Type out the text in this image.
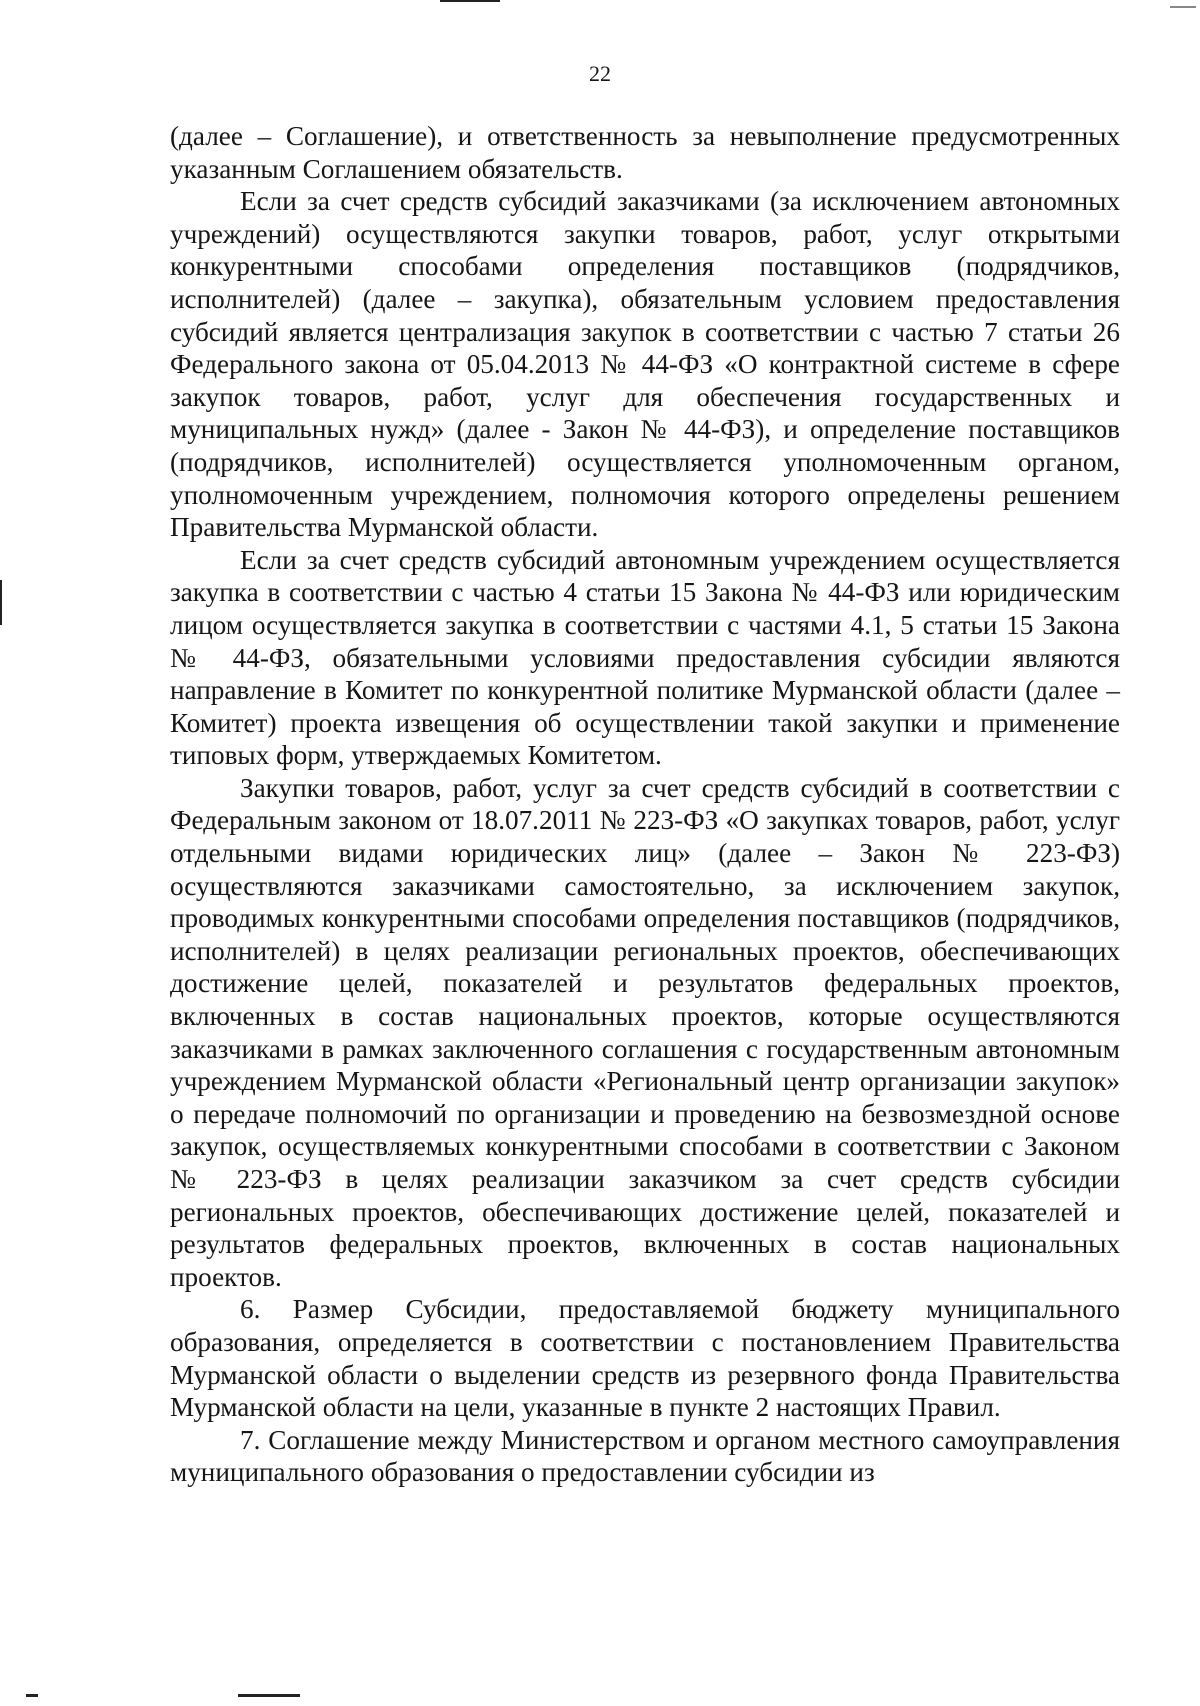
22

(далее – Соглашение), и ответственность за невыполнение предусмотренных указанным Соглашением обязательств.

Если за счет средств субсидий заказчиками (за исключением автономных учреждений) осуществляются закупки товаров, работ, услуг открытыми конкурентными способами определения поставщиков (подрядчиков, исполнителей) (далее – закупка), обязательным условием предоставления субсидий является централизация закупок в соответствии с частью 7 статьи 26 Федерального закона от 05.04.2013 № 44-ФЗ «О контрактной системе в сфере закупок товаров, работ, услуг для обеспечения государственных и муниципальных нужд» (далее - Закон № 44-ФЗ), и определение поставщиков (подрядчиков, исполнителей) осуществляется уполномоченным органом, уполномоченным учреждением, полномочия которого определены решением Правительства Мурманской области.

Если за счет средств субсидий автономным учреждением осуществляется закупка в соответствии с частью 4 статьи 15 Закона № 44-ФЗ или юридическим лицом осуществляется закупка в соответствии с частями 4.1, 5 статьи 15 Закона № 44-ФЗ, обязательными условиями предоставления субсидии являются направление в Комитет по конкурентной политике Мурманской области (далее – Комитет) проекта извещения об осуществлении такой закупки и применение типовых форм, утверждаемых Комитетом.

Закупки товаров, работ, услуг за счет средств субсидий в соответствии с Федеральным законом от 18.07.2011 № 223-ФЗ «О закупках товаров, работ, услуг отдельными видами юридических лиц» (далее – Закон № 223-ФЗ) осуществляются заказчиками самостоятельно, за исключением закупок, проводимых конкурентными способами определения поставщиков (подрядчиков, исполнителей) в целях реализации региональных проектов, обеспечивающих достижение целей, показателей и результатов федеральных проектов, включенных в состав национальных проектов, которые осуществляются заказчиками в рамках заключенного соглашения с государственным автономным учреждением Мурманской области «Региональный центр организации закупок» о передаче полномочий по организации и проведению на безвозмездной основе закупок, осуществляемых конкурентными способами в соответствии с Законом № 223-ФЗ в целях реализации заказчиком за счет средств субсидии региональных проектов, обеспечивающих достижение целей, показателей и результатов федеральных проектов, включенных в состав национальных проектов.

6. Размер Субсидии, предоставляемой бюджету муниципального образования, определяется в соответствии с постановлением Правительства Мурманской области о выделении средств из резервного фонда Правительства Мурманской области на цели, указанные в пункте 2 настоящих Правил.

7. Соглашение между Министерством и органом местного самоуправления муниципального образования о предоставлении субсидии из
